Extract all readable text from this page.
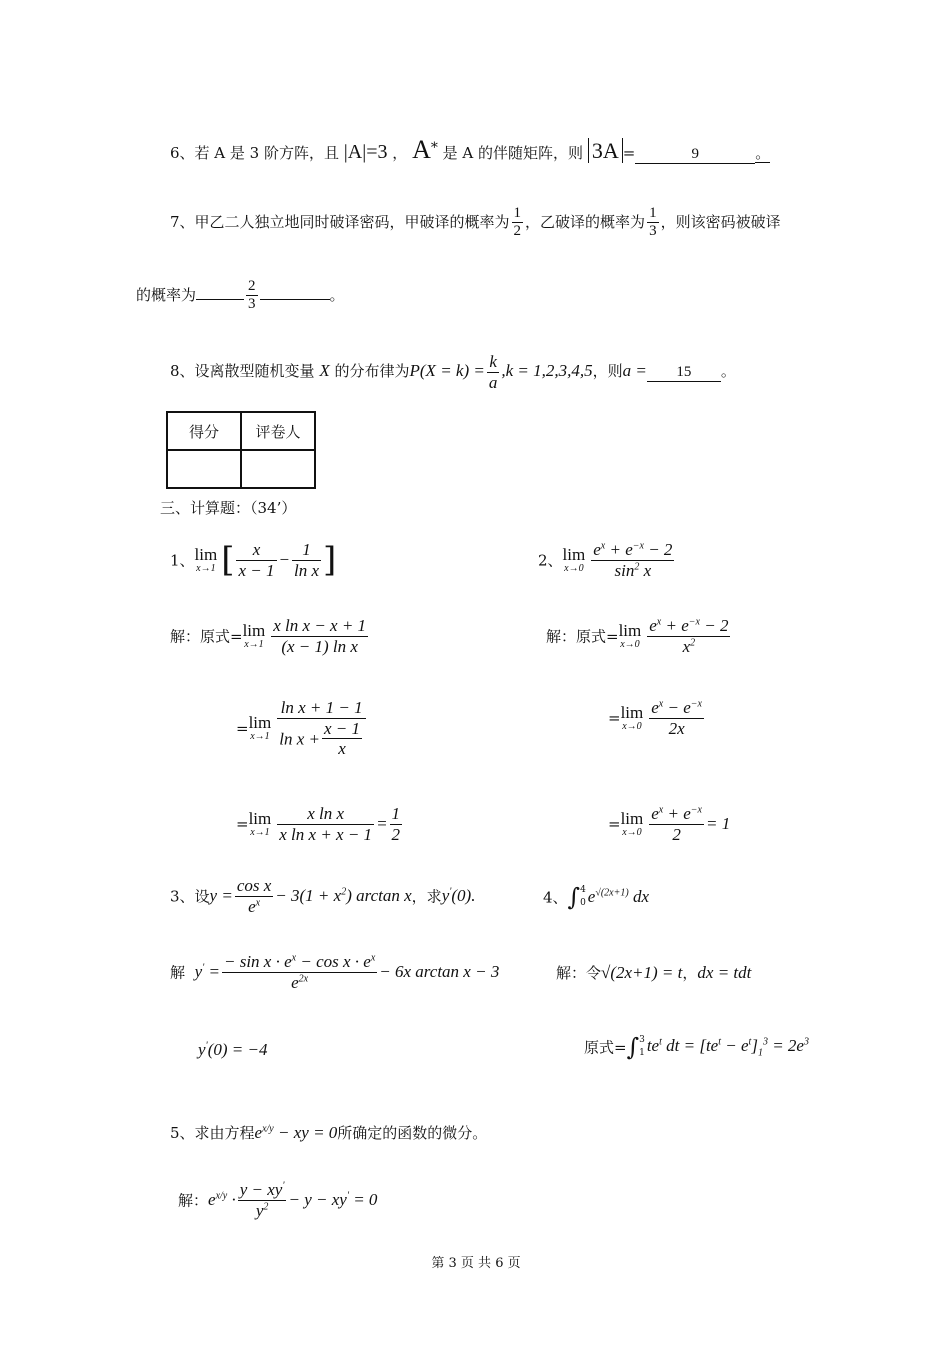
6、若 A 是 3 阶方阵，且 |A|=3 ， A* 是 A 的伴随矩阵，则 3A =	9	。
7、甲乙二人独立地同时破译密码，甲破译的概率为 $\frac{1}{2}$ ，乙破译的概率为 $\frac{1}{3}$ ，则该密码被破译
的概率为	$\frac{2}{3}$	。
8、设离散型随机变量 X 的分布律为$P(X = k) = \frac{k}{a} ,k = 1,2,3,4,5$，则a = 15 。
得分	评卷人

三、计算题：（34’）
1、 lim
x→1 [ $\frac{x}{x - 1} - \frac{1}{\text{ln x}}$ ]	2、 lim
$x\to 0 \frac{e^x + e^{-x} - 2}{\sin^2 x}$
解：原式= lim
$x\to 1 \frac{\text{x ln x − x + 1}}{\text{(x − 1) ln x}}$
= lim
$x\to 1 \frac{\text{ln x + 1 − 1}}{\ln x + \frac{x - 1}{x}}$
= lim
$x\to 1 \frac{\text{x ln x}}{\text{x ln x + x − 1}} = \frac{1}{2}$
解：原式= lim
$x\to 0 \frac{e^x + e^{-x} - 2}{x^2}$
= lim
$x\to 0 \frac{e^x - e^{-x}}{2x}$
= lim
$x\to 0 \frac{e^x + e^{-x}}{2} = 1$
3、设$y = \frac{\text{cos x}}{e^x} - 3(1 + x^2)$ arctan x，求y'(0).	4、∫ 4
0 $e^{√(2x+1)}$ dx
解 $y' = \frac{- \sin x \cdot e^x - \cos x \cdot e^x}{e^{2x}} - 6x$ arctan x − 3
y'(0) = −4
解：令√(2x+1) = t，dx = tdt
原式=∫ 3
1 $te^t$ dt = $[te^t - e^t]_1^3 = 2e^3$
5、求由方程$e^{x/y}$ − xy = 0所确定的函数的微分。
解：$e^{x/y} \cdot \frac{y - xy'}{y^2} - y - xy' = 0$
第 3 页 共 6 页
